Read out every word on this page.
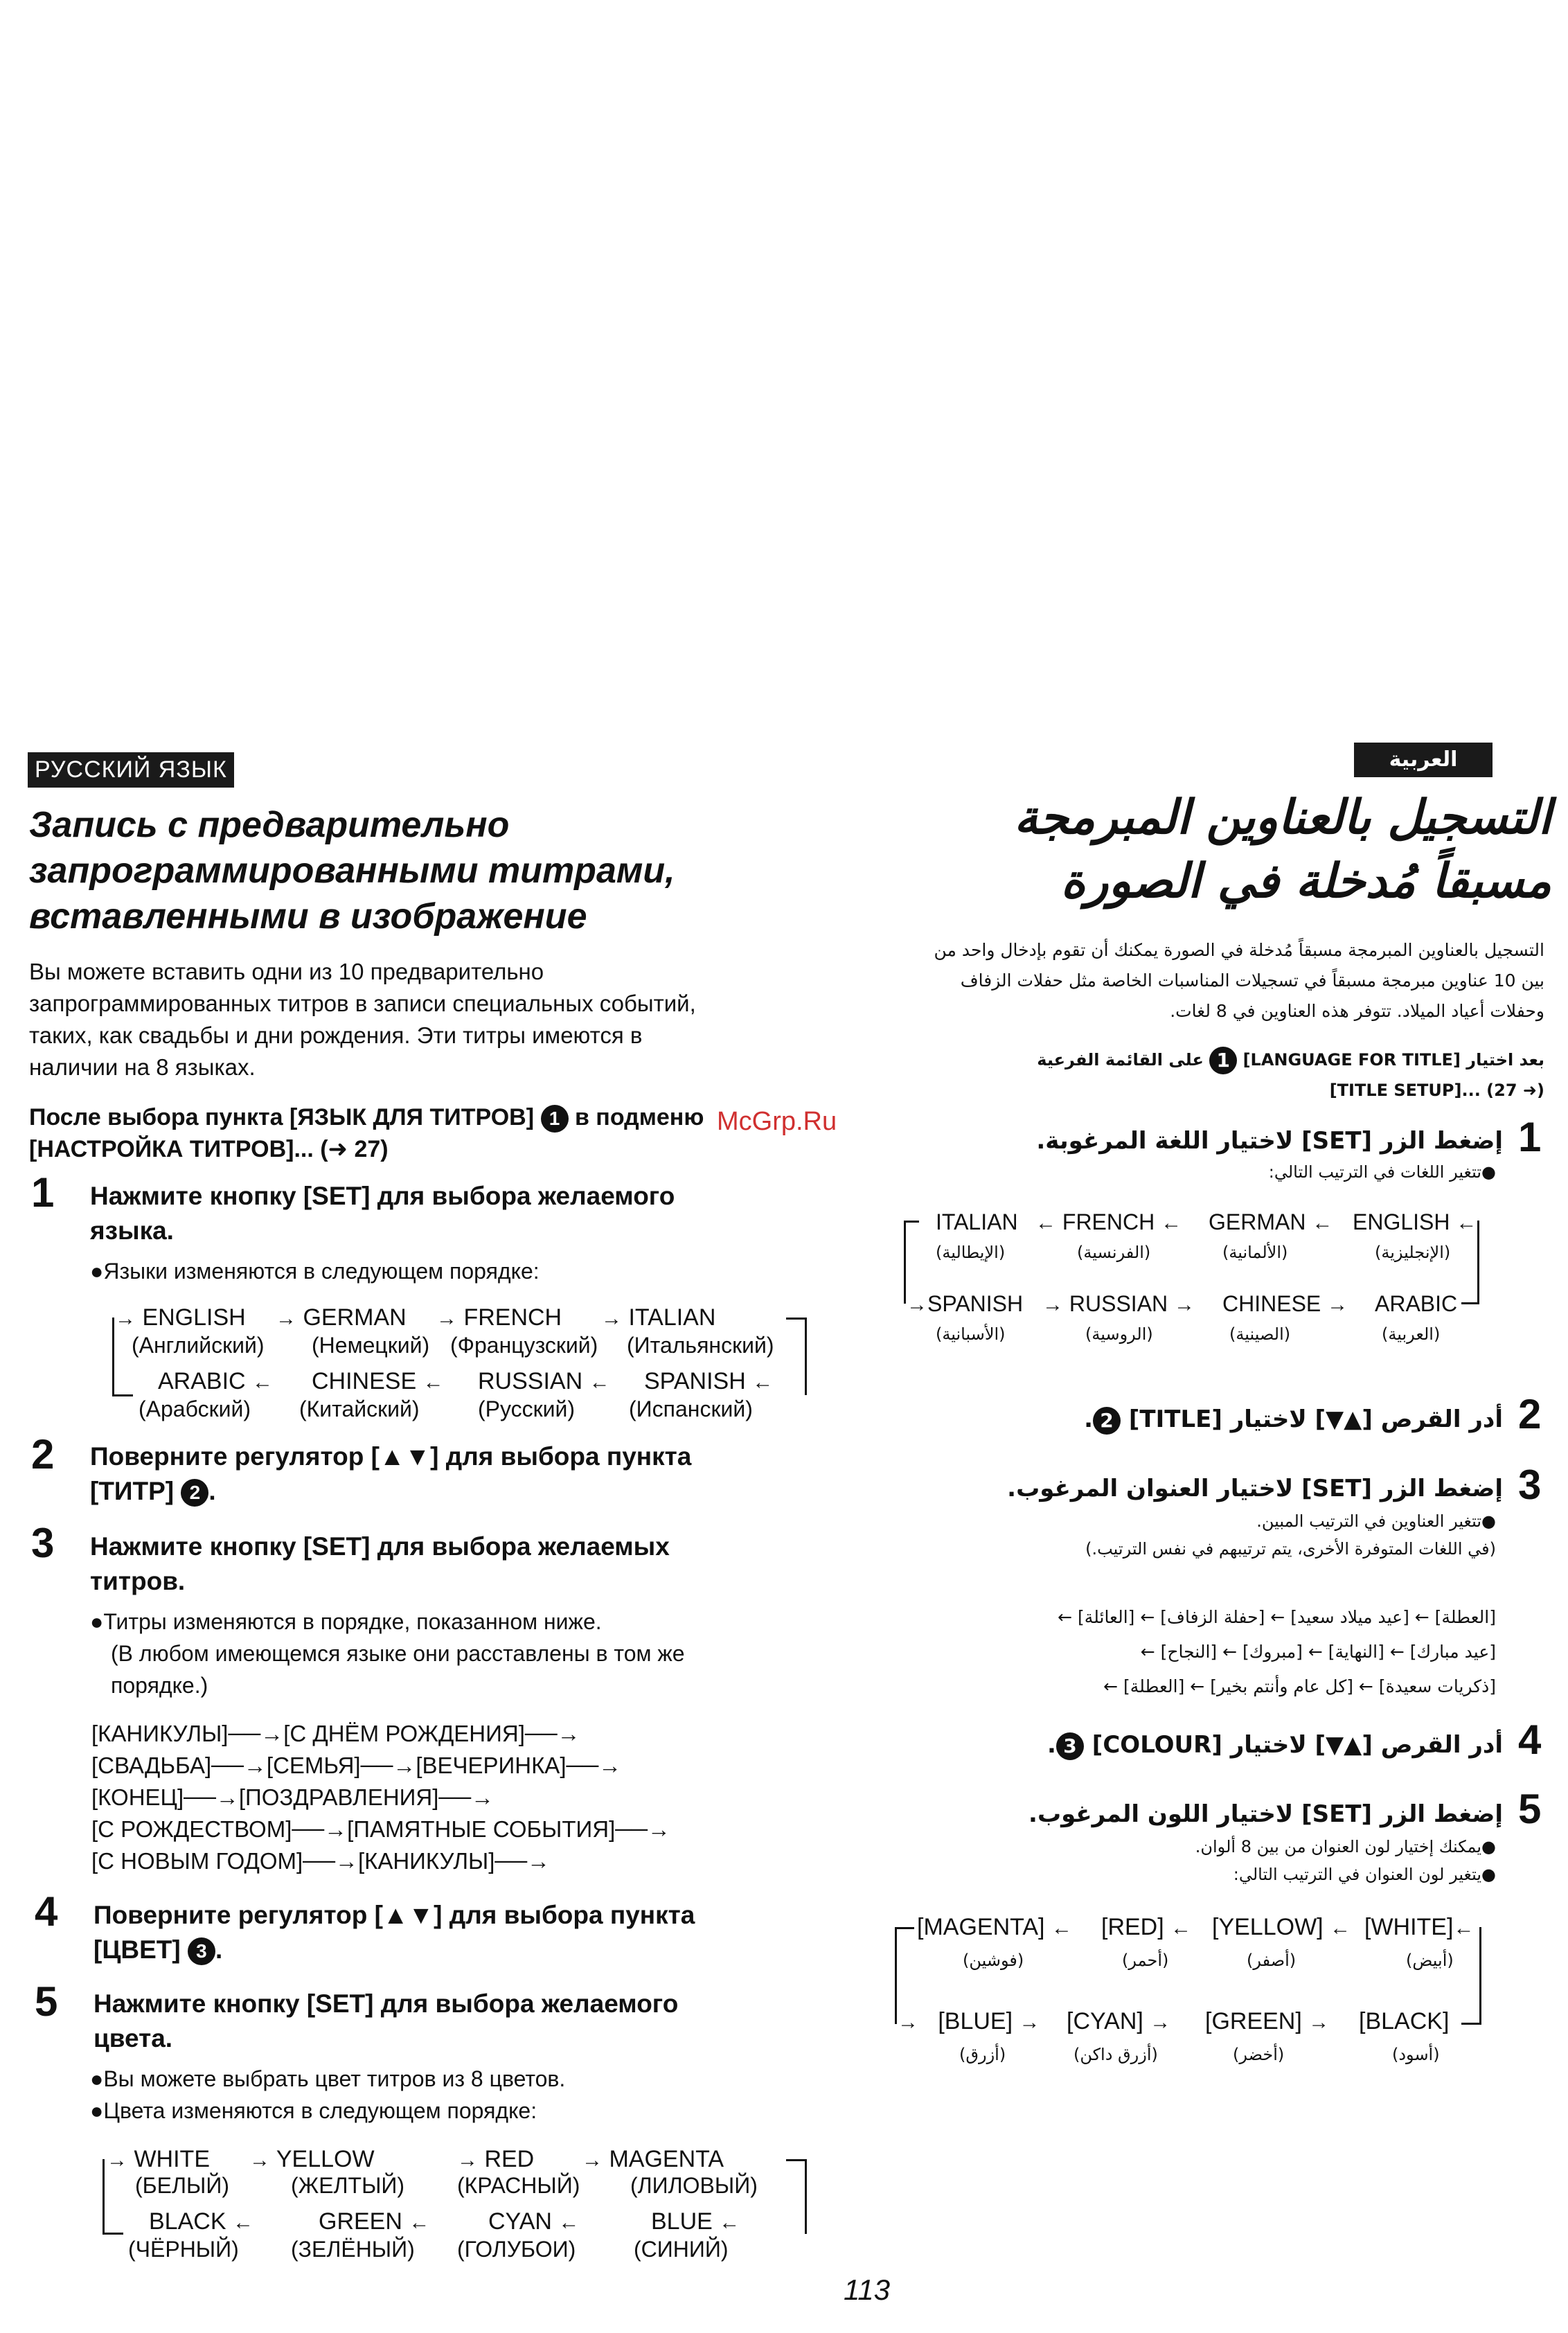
РУССКИЙ ЯЗЫК
Запись с предварительно
запрограммированными титрами,
вставленными в изображение
Вы можете вставить одни из 10 предварительно
запрограммированных титров в записи специальных событий,
таких, как свадьбы и дни рождения. Эти титры имеются в
наличии на 8 языках.
После выбора пункта [ЯЗЫК ДЛЯ ТИТРОВ] 1 в подменю
[НАСТРОЙКА ТИТРОВ]... (➜ 27)
McGrp.Ru
1 Нажмите кнопку [SET] для выбора желаемого
языка.
●Языки изменяются в следующем порядке:
→ ENGLISH → GERMAN → FRENCH → ITALIAN
(Английский) (Немецкий) (Французский) (Итальянский)
ARABIC ← CHINESE ← RUSSIAN ← SPANISH ←
(Арабский) (Китайский)	(Русский) (Испанский)
2 Поверните регулятор [▲▼] для выбора пункта
[ТИТР] 2 .
3 Нажмите кнопку [SET] для выбора желаемых
титров.
●Титры изменяются в порядке, показанном ниже.
(В любом имеющемся языке они расставлены в том же
порядке.)
[КАНИКУЛЫ]──→[С ДНЁМ РОЖДЕНИЯ]──→
[СВАДЬБА]──→[СЕМЬЯ]──→[ВЕЧЕРИНКА]──→
[КОНЕЦ]──→[ПОЗДРАВЛЕНИЯ]──→
[С РОЖДЕСТВОМ]──→[ПАМЯТНЫЕ СОБЫТИЯ]──→
[С НОВЫМ ГОДОМ]──→[КАНИКУЛЫ]──→
4 Поверните регулятор [▲▼] для выбора пункта
[ЦВЕТ] 3 .
5 Нажмите кнопку [SET] для выбора желаемого
цвета.
●Вы можете выбрать цвет титров из 8 цветов.
●Цвета изменяются в следующем порядке:
→ WHITE → YELLOW	→ RED → MAGENTA
(БЕЛЫЙ)	(ЖЕЛТЫЙ) (КРАСНЫЙ) (ЛИЛОВЫЙ)
BLACK ←	GREEN ← CYAN ←	BLUE ←
(ЧЁРНЫЙ) (ЗЕЛЁНЫЙ) (ГОЛУБОИ)	(СИНИЙ)
العربية
التسجيل بالعناوين المبرمجة
مسبقاً مُدخلة في الصورة
التسجيل بالعناوين المبرمجة مسبقاً مُدخلة في الصورة يمكنك أن تقوم بإدخال واحد من
بين 10 عناوين مبرمجة مسبقاً في تسجيلات المناسبات الخاصة مثل حفلات الزفاف
وحفلات أعياد الميلاد. تتوفر هذه العناوين في 8 لغات.
بعد اختيار [LANGUAGE FOR TITLE] 1 على القائمة الفرعية
(➜ 27) ...[TITLE SETUP]
1
إضغط الزر [SET] لاختيار اللغة المرغوبة.
●تتغير اللغات في الترتيب التالي:
ITALIAN ← FRENCH ← GERMAN ← ENGLISH ←
(الإيطالية)	(الفرنسية)	(الألمانية)	(الإنجليزية)
→SPANISH → RUSSIAN → CHINESE → ARABIC
(الأسبانية)	(الروسية)	(الصينية)	(العربية)
2
أدر القرص [▲▼] لاختيار [TITLE] 2.
3
إضغط الزر [SET] لاختيار العنوان المرغوب.
●تتغير العناوين في الترتيب المبين.
(في اللغات المتوفرة الأخرى، يتم ترتيبهم في نفس الترتيب.)
[العطلة] ← [عيد ميلاد سعيد] ← [حفلة الزفاف] ← [العائلة] ←
[عيد مبارك] ← [النهاية] ← [مبروك] ← [النجاح] ←
[ذكريات سعيدة] ← [كل عام وأنتم بخير] ← [العطلة] ←
4
أدر القرص [▲▼] لاختيار [COLOUR] 3.
5
إضغط الزر [SET] لاختيار اللون المرغوب.
●يمكنك إختيار لون العنوان من بين 8 ألوان.
●يتغير لون العنوان في الترتيب التالي:
[MAGENTA] ← [RED] ← [YELLOW] ← [WHITE]←
(فوشين)	(أحمر)	(أصفر)	(أبيض)
→ [BLUE] → [CYAN] → [GREEN] → [BLACK]
(أزرق)	(أزرق داكن)	(أخضر)	(أسود)
113
